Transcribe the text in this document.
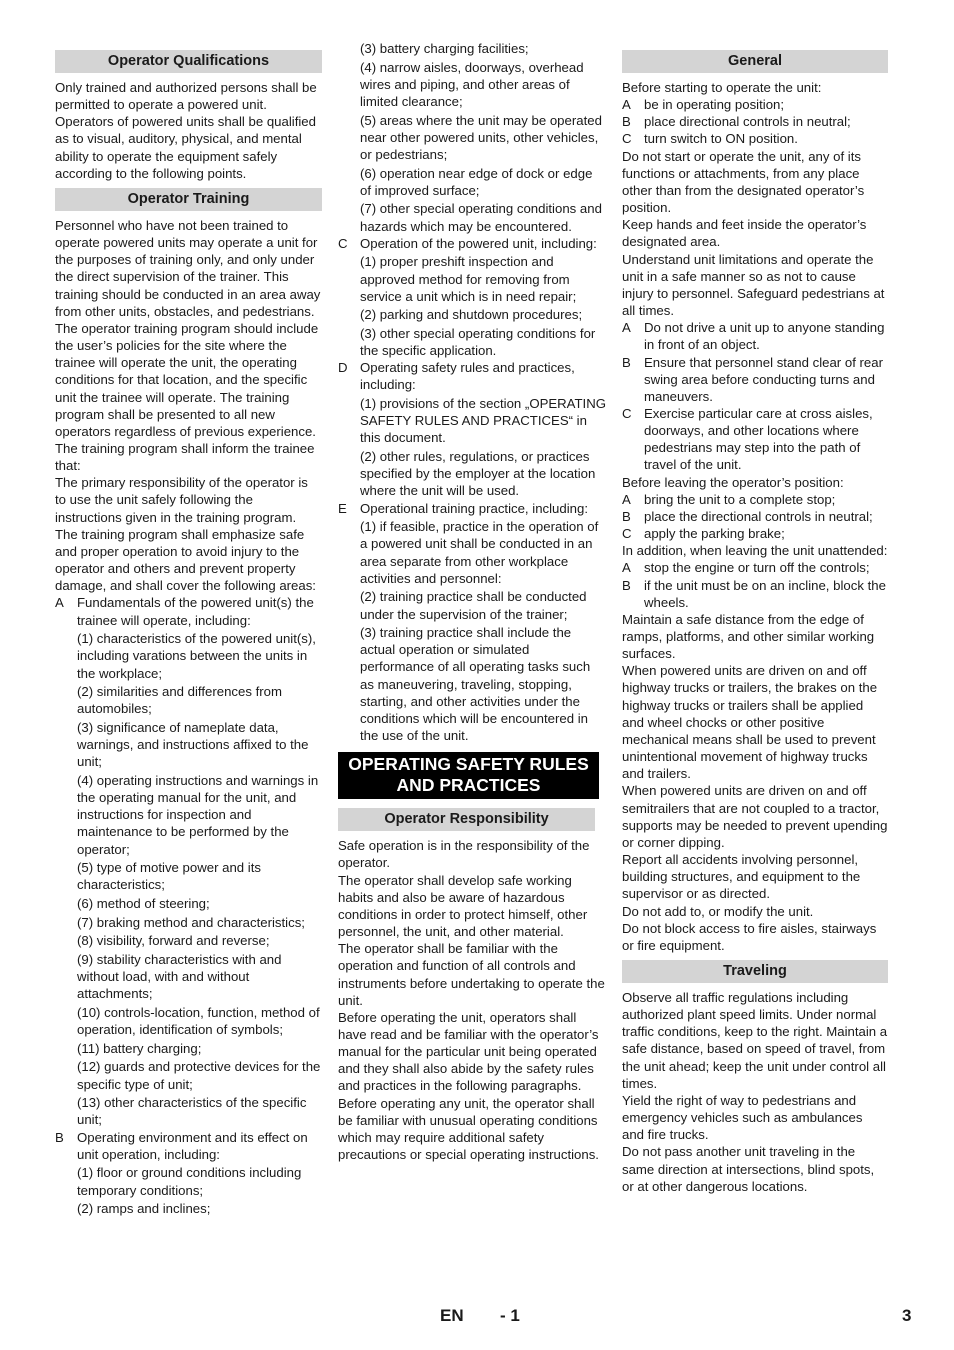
Operator Qualifications

Only trained and authorized persons shall be permitted to operate a powered unit. Operators of powered units shall be qualified as to visual, auditory, physical, and mental ability to operate the equipment safely according to the following points.

Operator Training

Personnel who have not been trained to operate powered units may operate a unit for the purposes of training only, and only under the direct supervision of the trainer. This training should be conducted in an area away from other units, obstacles, and pedestrians.

The operator training program should include the user’s policies for the site where the trainee will operate the unit, the operating conditions for that location, and the specific unit the trainee will operate. The training program shall be presented to all new operators regardless of previous experience.

The training program shall inform the trainee that:

The primary responsibility of the operator is to use the unit safely following the instructions given in the training program.

The training program shall emphasize safe and proper operation to avoid injury to the operator and others and prevent property damage, and shall cover the following areas:

A	Fundamentals of the powered unit(s) the trainee will operate, including:
(1) characteristics of the powered unit(s), including varations between the units in the workplace;
(2) similarities and differences from automobiles;
(3) significance of nameplate data, warnings, and instructions affixed to the unit;
(4) operating instructions and warnings in the operating manual for the unit, and instructions for inspection and maintenance to be performed by the operator;
(5) type of motive power and its characteristics;
(6) method of steering;
(7) braking method and characteristics;
(8) visibility, forward and reverse;
(9) stability characteristics with and without load, with and without attachments;
(10) controls-location, function, method of operation, identification of symbols;
(11) battery charging;
(12) guards and protective devices for the specific type of unit;
(13) other characteristics of the specific unit;
B	Operating environment and its effect on unit operation, including:
(1) floor or ground conditions including temporary conditions;
(2) ramps and inclines;
(3) battery charging facilities;
(4) narrow aisles, doorways, overhead wires and piping, and other areas of limited clearance;
(5) areas where the unit may be operated near other powered units, other vehicles, or pedestrians;
(6) operation near edge of dock or edge of improved surface;
(7) other special operating conditions and hazards which may be encountered.
C Operation of the powered unit, including:
(1) proper preshift inspection and approved method for removing from service a unit which is in need repair;
(2) parking and shutdown procedures;
(3) other special operating conditions for the specific application.
D Operating safety rules and practices, including:
(1) provisions of the section „OPERATING SAFETY RULES AND PRACTICES“ in this document.
(2) other rules, regulations, or practices specified by the employer at the location where the unit will be used.
E	Operational training practice, including:
(1) if feasible, practice in the operation of a powered unit shall be conducted in an area separate from other workplace activities and personnel:
(2) training practice shall be conducted under the supervision of the trainer;
(3) training practice shall include the actual operation or simulated performance of all operating tasks such as maneuvering, traveling, stopping, starting, and other activities under the conditions which will be encountered in the use of the unit.
OPERATING SAFETY RULES AND PRACTICES
Operator Responsibility

Safe operation is in the responsibility of the operator.

The operator shall develop safe working habits and also be aware of hazardous conditions in order to protect himself, other personnel, the unit, and other material.

The operator shall be familiar with the operation and function of all controls and instruments before undertaking to operate the unit.

Before operating the unit, operators shall have read and be familiar with the operator’s manual for the particular unit being operated and they shall also abide by the safety rules and practices in the following paragraphs.

Before operating any unit, the operator shall be familiar with unusual operating conditions which may require additional safety precautions or special operating instructions.

General

Before starting to operate the unit:

A	be in operating position;
B	place directional controls in neutral;
C turn switch to ON position.

Do not start or operate the unit, any of its functions or attachments, from any place other than from the designated operator’s position.

Keep hands and feet inside the operator’s designated area.

Understand unit limitations and operate the unit in a safe manner so as not to cause injury to personnel. Safeguard pedestrians at all times.

A	Do not drive a unit up to anyone standing in front of an object.
B	Ensure that personnel stand clear of rear swing area before conducting turns and maneuvers.
C Exercise particular care at cross aisles, doorways, and other locations where pedestrians may step into the path of travel of the unit.

Before leaving the operator’s position:

A	bring the unit to a complete stop;
B	place the directional controls in neutral;
C apply the parking brake;

In addition, when leaving the unit unattended:

A	stop the engine or turn off the controls;
B	if the unit must be on an incline, block the wheels.

Maintain a safe distance from the edge of ramps, platforms, and other similar working surfaces.

When powered units are driven on and off highway trucks or trailers, the brakes on the highway trucks or trailers shall be applied and wheel chocks or other positive mechanical means shall be used to prevent unintentional movement of highway trucks and trailers.

When powered units are driven on and off semitrailers that are not coupled to a tractor, supports may be needed to prevent upending or corner dipping.

Report all accidents involving personnel, building structures, and equipment to the supervisor or as directed.

Do not add to, or modify the unit.

Do not block access to fire aisles, stairways or fire equipment.

Traveling

Observe all traffic regulations including authorized plant speed limits. Under normal traffic conditions, keep to the right. Maintain a safe distance, based on speed of travel, from the unit ahead; keep the unit under control all times.

Yield the right of way to pedestrians and emergency vehicles such as ambulances and fire trucks.

Do not pass another unit traveling in the same direction at intersections, blind spots, or at other dangerous locations.

EN - 1	3
